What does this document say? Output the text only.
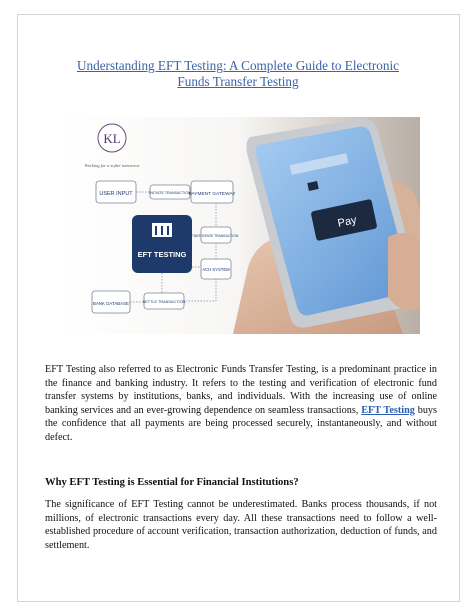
Understanding EFT Testing: A Complete Guide to Electronic Funds Transfer Testing
Pay
KL
Working for a softer tomorrow
USER INPUT	INITIATE TRANSACTION
PAYMENT GATEWAY
AUTHORIZE TRANSACTION
ACH SYSTEM
EFT TESTING
BANK DATABASE	SETTLE TRANSACTION
EFT Testing also referred to as Electronic Funds Transfer Testing, is a predominant practice in the finance and banking industry. It refers to the testing and verification of electronic fund transfer systems by institutions, banks, and individuals. With the increasing use of online banking services and an ever-growing dependence on seamless transactions, EFT Testing buys the confidence that all payments are being processed securely, instantaneously, and without defect.
Why EFT Testing is Essential for Financial Institutions?
The significance of EFT Testing cannot be underestimated. Banks process thousands, if not millions, of electronic transactions every day. All these transactions need to follow a well-established procedure of account verification, transaction authorization, deduction of funds, and settlement.
